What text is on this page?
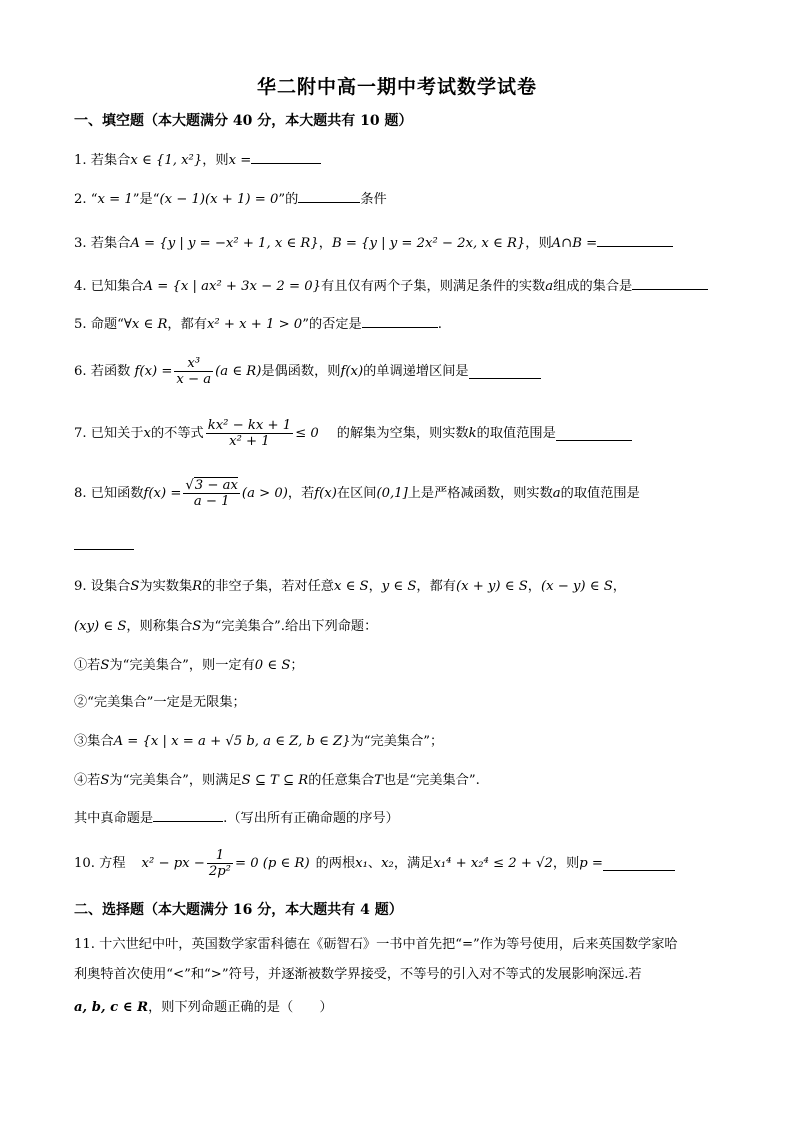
华二附中高一期中考试数学试卷
一、填空题（本大题满分 40 分，本大题共有 10 题）
1. 若集合x ∈ {1, x²}，则x =
2. “x = 1”是“(x − 1)(x + 1) = 0”的	条件
3. 若集合A = {y | y = −x² + 1, x ∈ R}，B = {y | y = 2x² − 2x, x ∈ R}，则A∩B =
4. 已知集合A = {x | ax² + 3x − 2 = 0}有且仅有两个子集，则满足条件的实数a组成的集合是
5. 命题“∀x ∈ R，都有x² + x + 1 > 0”的否定是	.
6. 若函数 $f(x) = \frac{\text{x³}}{x - a} (a$ ∈ R)是偶函数，则f(x)的单调递增区间是
7. 已知关于x的不等式 $\frac{\text{kx² − kx + 1}}{\text{x² + 1}} \le 0$ 的解集为空集，则实数k的取值范围是
8. 已知函数$f(x) = \frac{√3 - ax}{a - 1} (a > 0)$，若f(x)在区间(0,1]上是严格减函数，则实数a的取值范围是
9. 设集合S为实数集R的非空子集，若对任意x ∈ S，y ∈ S，都有(x + y) ∈ S，(x − y) ∈ S，
(xy) ∈ S，则称集合S为“完美集合”.给出下列命题：
①若S为“完美集合”，则一定有0 ∈ S；
②“完美集合”一定是无限集；
③集合A = {x | x = a + √5 b, a ∈ Z, b ∈ Z}为“完美集合”；
④若S为“完美集合”，则满足S ⊆ T ⊆ R的任意集合T也是“完美集合”.
其中真命题是	.（写出所有正确命题的序号）
10. 方程 x² − px − $\frac{1}{\text{2p²}} = 0$ (p ∈ R) 的两根x₁、x₂，满足x₁⁴ + x₂⁴ ≤ 2 + √2，则p =
二、选择题（本大题满分 16 分，本大题共有 4 题）
11. 十六世纪中叶，英国数学家雷科德在《砺智石》一书中首先把“=”作为等号使用，后来英国数学家哈
利奥特首次使用“<”和“>”符号，并逐渐被数学界接受，不等号的引入对不等式的发展影响深远.若
a, b, c ∈ R，则下列命题正确的是（　　）
